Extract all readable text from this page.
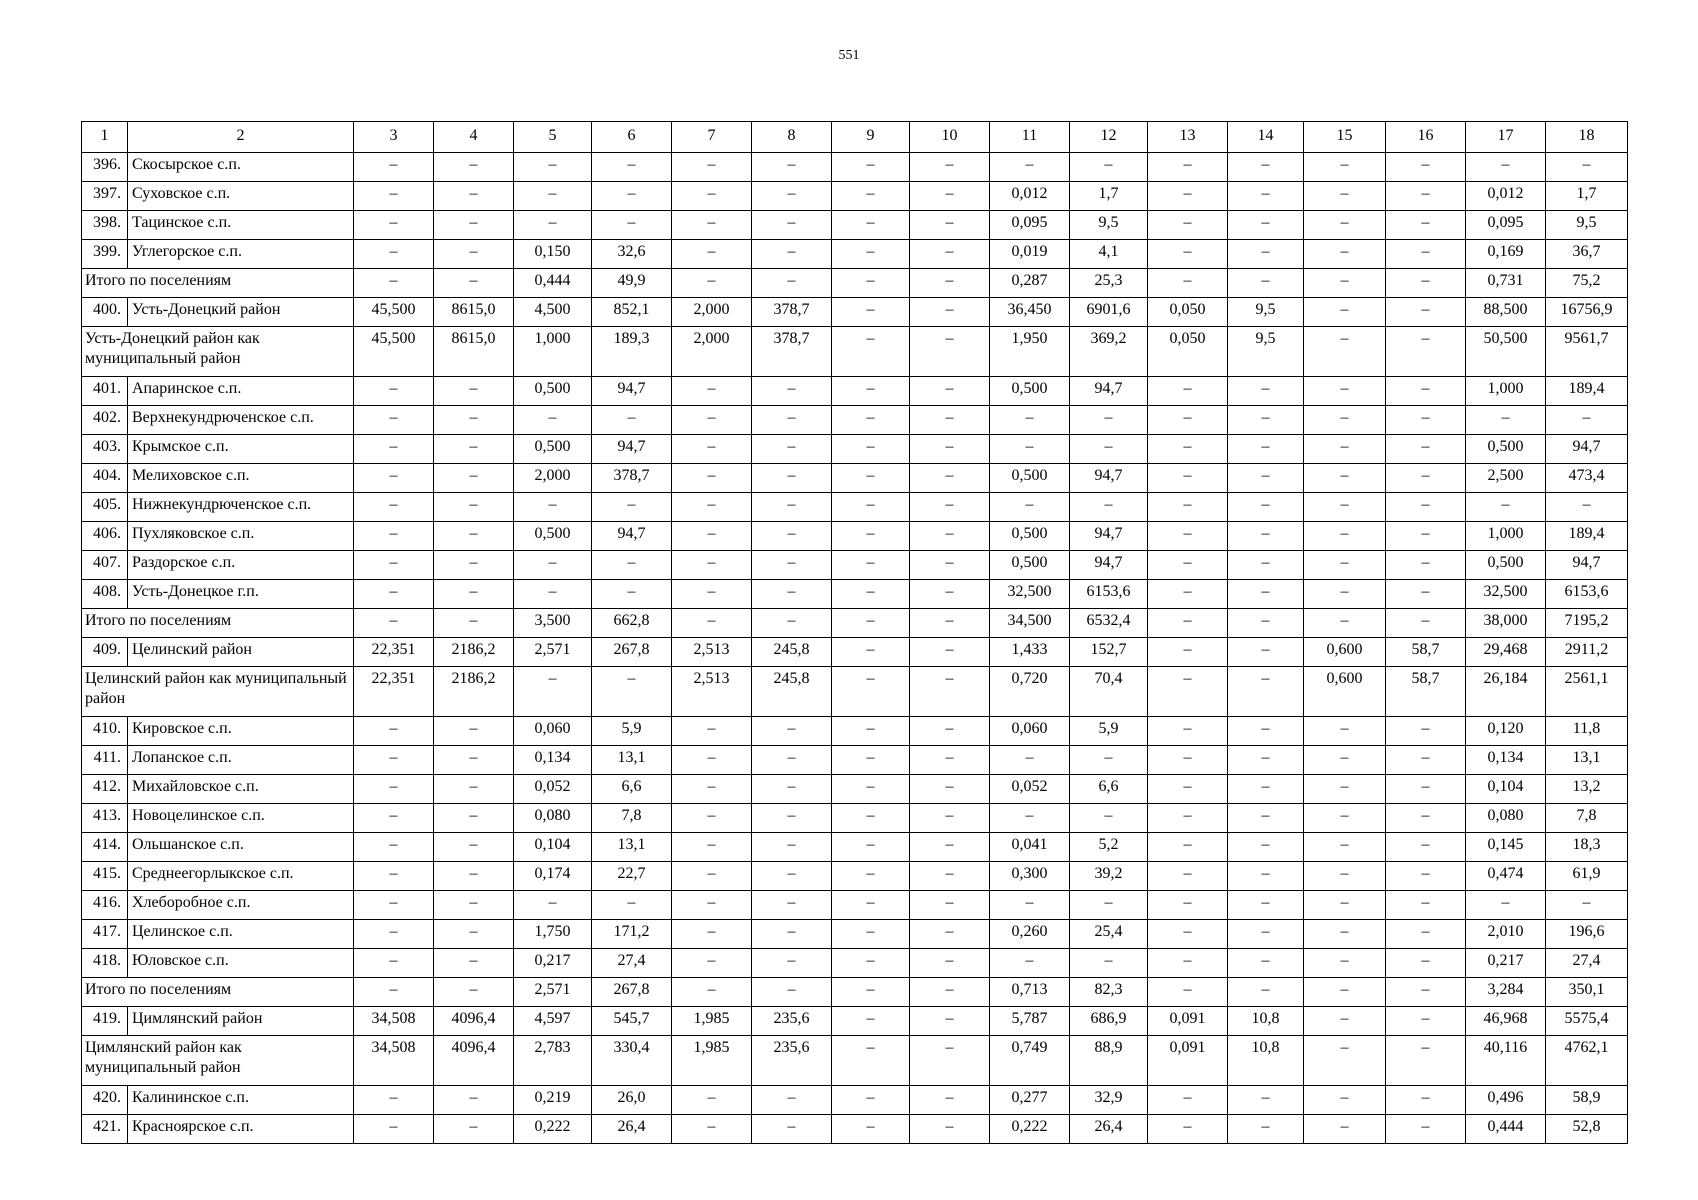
551
1	2	3	4	5	6	7	8	9	10	11	12	13	14	15	16	17	18
396.	Скосырское с.п.	–	–	–	–	–	–	–	–	–	–	–	–	–	–	–	–
397.	Суховское с.п.	–	–	–	–	–	–	–	–	0,012	1,7	–	–	–	–	0,012	1,7
398.	Тацинское с.п.	–	–	–	–	–	–	–	–	0,095	9,5	–	–	–	–	0,095	9,5
399.	Углегорское с.п.	–	–	0,150	32,6	–	–	–	–	0,019	4,1	–	–	–	–	0,169	36,7
Итого по поселениям		–	–	0,444	49,9	–	–	–	–	0,287	25,3	–	–	–	–	0,731	75,2
400.	Усть-Донецкий район	45,500	8615,0	4,500	852,1	2,000	378,7	–	–	36,450	6901,6	0,050	9,5	–	–	88,500	16756,9
Усть-Донецкий район как муниципальный район		45,500	8615,0	1,000	189,3	2,000	378,7	–	–	1,950	369,2	0,050	9,5	–	–	50,500	9561,7
401.	Апаринское с.п.	–	–	0,500	94,7	–	–	–	–	0,500	94,7	–	–	–	–	1,000	189,4
402.	Верхнекундрюченское с.п.	–	–	–	–	–	–	–	–	–	–	–	–	–	–	–	–
403.	Крымское с.п.	–	–	0,500	94,7	–	–	–	–	–	–	–	–	–	–	0,500	94,7
404.	Мелиховское с.п.	–	–	2,000	378,7	–	–	–	–	0,500	94,7	–	–	–	–	2,500	473,4
405.	Нижнекундрюченское с.п.	–	–	–	–	–	–	–	–	–	–	–	–	–	–	–	–
406.	Пухляковское с.п.	–	–	0,500	94,7	–	–	–	–	0,500	94,7	–	–	–	–	1,000	189,4
407.	Раздорское с.п.	–	–	–	–	–	–	–	–	0,500	94,7	–	–	–	–	0,500	94,7
408.	Усть-Донецкое г.п.	–	–	–	–	–	–	–	–	32,500	6153,6	–	–	–	–	32,500	6153,6
Итого по поселениям		–	–	3,500	662,8	–	–	–	–	34,500	6532,4	–	–	–	–	38,000	7195,2
409.	Целинский район	22,351	2186,2	2,571	267,8	2,513	245,8	–	–	1,433	152,7	–	–	0,600	58,7	29,468	2911,2
Целинский район как муниципальный район		22,351	2186,2	–	–	2,513	245,8	–	–	0,720	70,4	–	–	0,600	58,7	26,184	2561,1
410.	Кировское с.п.	–	–	0,060	5,9	–	–	–	–	0,060	5,9	–	–	–	–	0,120	11,8
411.	Лопанское с.п.	–	–	0,134	13,1	–	–	–	–	–	–	–	–	–	–	0,134	13,1
412.	Михайловское с.п.	–	–	0,052	6,6	–	–	–	–	0,052	6,6	–	–	–	–	0,104	13,2
413.	Новоцелинское с.п.	–	–	0,080	7,8	–	–	–	–	–	–	–	–	–	–	0,080	7,8
414.	Ольшанское с.п.	–	–	0,104	13,1	–	–	–	–	0,041	5,2	–	–	–	–	0,145	18,3
415.	Среднеегорлыкское с.п.	–	–	0,174	22,7	–	–	–	–	0,300	39,2	–	–	–	–	0,474	61,9
416.	Хлеборобное с.п.	–	–	–	–	–	–	–	–	–	–	–	–	–	–	–	–
417.	Целинское с.п.	–	–	1,750	171,2	–	–	–	–	0,260	25,4	–	–	–	–	2,010	196,6
418.	Юловское с.п.	–	–	0,217	27,4	–	–	–	–	–	–	–	–	–	–	0,217	27,4
Итого по поселениям		–	–	2,571	267,8	–	–	–	–	0,713	82,3	–	–	–	–	3,284	350,1
419.	Цимлянский район	34,508	4096,4	4,597	545,7	1,985	235,6	–	–	5,787	686,9	0,091	10,8	–	–	46,968	5575,4
Цимлянский район как муниципальный район		34,508	4096,4	2,783	330,4	1,985	235,6	–	–	0,749	88,9	0,091	10,8	–	–	40,116	4762,1
420.	Калининское с.п.	–	–	0,219	26,0	–	–	–	–	0,277	32,9	–	–	–	–	0,496	58,9
421.	Красноярское с.п.	–	–	0,222	26,4	–	–	–	–	0,222	26,4	–	–	–	–	0,444	52,8
